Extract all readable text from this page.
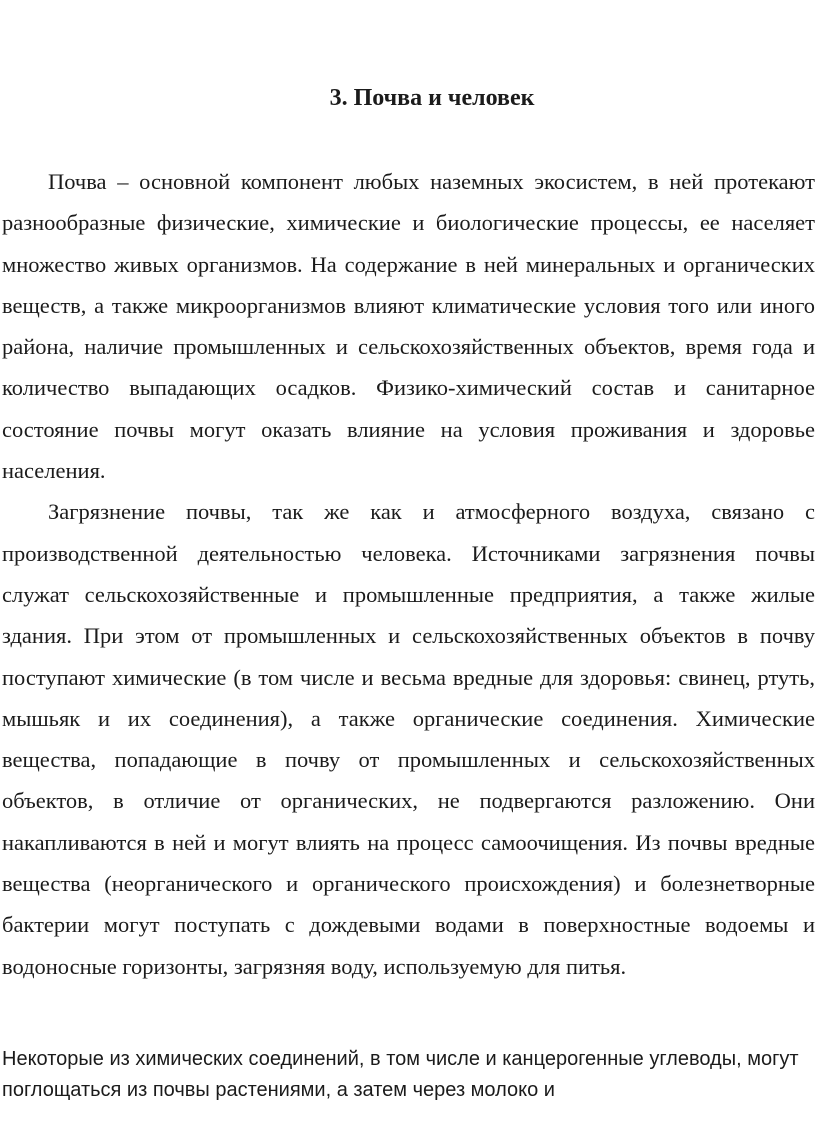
3. Почва и человек

Почва – основной компонент любых наземных экосистем, в ней протекают разнообразные физические, химические и биологические процессы, ее населяет множество живых организмов. На содержание в ней минеральных и органических веществ, а также микроорганизмов влияют климатические условия того или иного района, наличие промышленных и сельскохозяйственных объектов, время года и количество выпадающих осадков. Физико-химический состав и санитарное состояние почвы могут оказать влияние на условия проживания и здоровье населения.

Загрязнение почвы, так же как и атмосферного воздуха, связано с производственной деятельностью человека. Источниками загрязнения почвы служат сельскохозяйственные и промышленные предприятия, а также жилые здания. При этом от промышленных и сельскохозяйственных объектов в почву поступают химические (в том числе и весьма вредные для здоровья: свинец, ртуть, мышьяк и их соединения), а также органические соединения. Химические вещества, попадающие в почву от промышленных и сельскохозяйственных объектов, в отличие от органических, не подвергаются разложению. Они накапливаются в ней и могут влиять на процесс самоочищения. Из почвы вредные вещества (неорганического и органического происхождения) и болезнетворные бактерии могут поступать с дождевыми водами в поверхностные водоемы и водоносные горизонты, загрязняя воду, используемую для питья.

Некоторые из химических соединений, в том числе и канцерогенные углеводы, могут поглощаться из почвы растениями, а затем через молоко и
